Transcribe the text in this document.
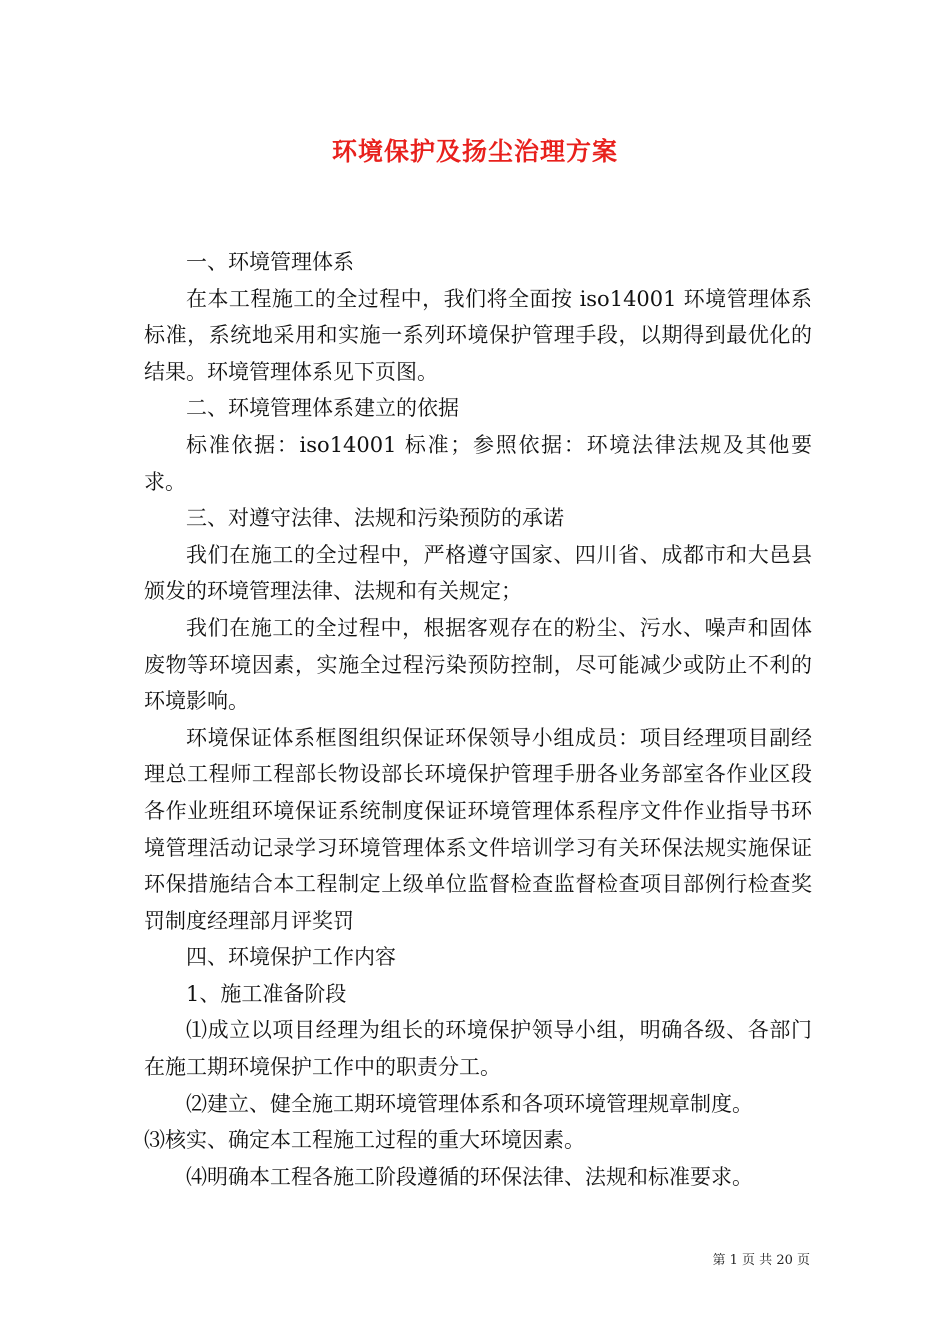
环境保护及扬尘治理方案

一、环境管理体系

在本工程施工的全过程中，我们将全面按 iso14001 环境管理体系标准，系统地采用和实施一系列环境保护管理手段，以期得到最优化的结果。环境管理体系见下页图。

二、环境管理体系建立的依据

标准依据：iso14001 标准；参照依据：环境法律法规及其他要求。

三、对遵守法律、法规和污染预防的承诺

我们在施工的全过程中，严格遵守国家、四川省、成都市和大邑县颁发的环境管理法律、法规和有关规定；

我们在施工的全过程中，根据客观存在的粉尘、污水、噪声和固体废物等环境因素，实施全过程污染预防控制，尽可能减少或防止不利的环境影响。

环境保证体系框图组织保证环保领导小组成员：项目经理项目副经理总工程师工程部长物设部长环境保护管理手册各业务部室各作业区段各作业班组环境保证系统制度保证环境管理体系程序文件作业指导书环境管理活动记录学习环境管理体系文件培训学习有关环保法规实施保证环保措施结合本工程制定上级单位监督检查监督检查项目部例行检查奖罚制度经理部月评奖罚

四、环境保护工作内容

1、施工准备阶段

⑴成立以项目经理为组长的环境保护领导小组，明确各级、各部门在施工期环境保护工作中的职责分工。

⑵建立、健全施工期环境管理体系和各项环境管理规章制度。

⑶核实、确定本工程施工过程的重大环境因素。

⑷明确本工程各施工阶段遵循的环保法律、法规和标准要求。

第 1 页 共 20 页
